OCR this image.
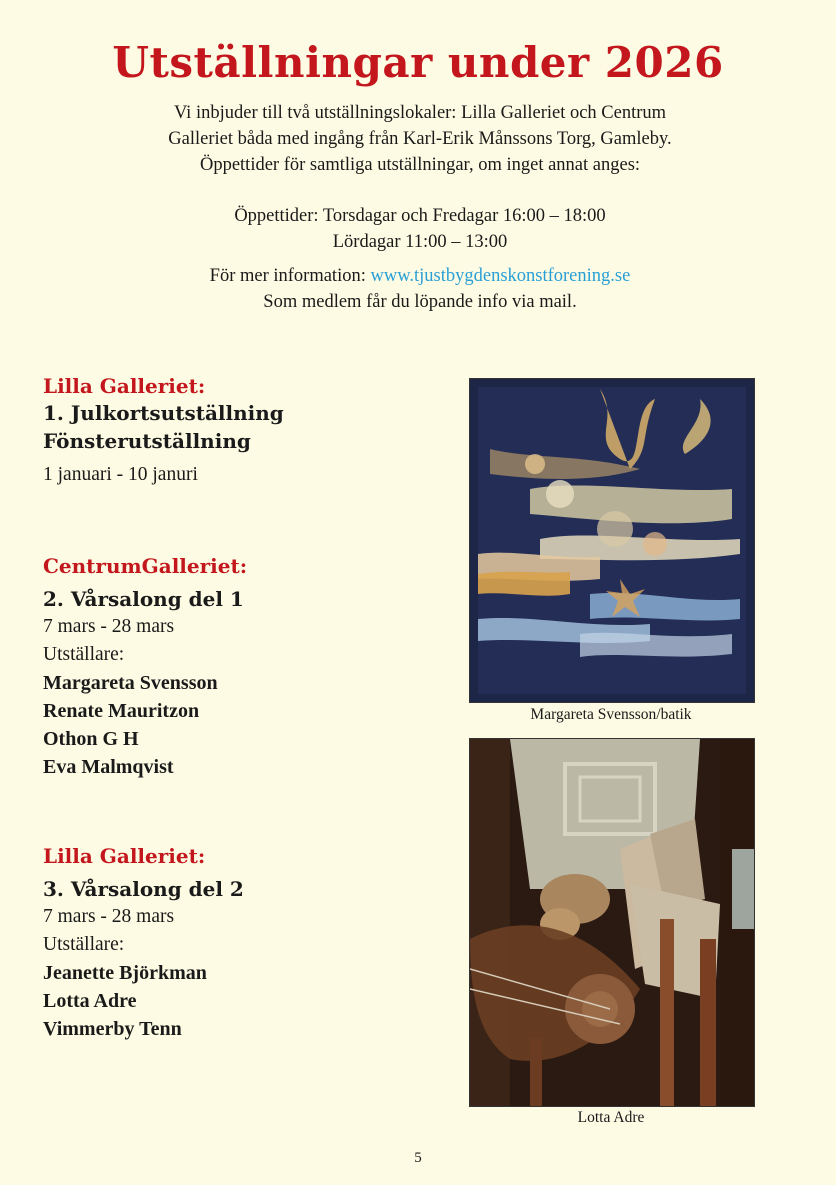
Utställningar under 2026

Vi inbjuder till två utställningslokaler: Lilla Galleriet och Centrum

Galleriet båda med ingång från Karl-Erik Månssons Torg, Gamleby.

Öppettider för samtliga utställningar, om inget annat anges:

Öppettider: Torsdagar och Fredagar 16:00 – 18:00

Lördagar 11:00 – 13:00

För mer information: www.tjustbygdenskonstforening.se

Som medlem får du löpande info via mail.

Lilla Galleriet:
1. Julkortsutställning
Fönsterutställning
1 januari - 10 januri
CentrumGalleriet:
2. Vårsalong del 1
7 mars - 28 mars
Utställare:
Margareta Svensson
Renate Mauritzon
Othon G H
Eva Malmqvist
Lilla Galleriet:
3. Vårsalong del 2
7 mars - 28 mars
Utställare:
Jeanette Björkman
Lotta Adre
Vimmerby Tenn
Margareta Svensson/batik
Lotta Adre
5
